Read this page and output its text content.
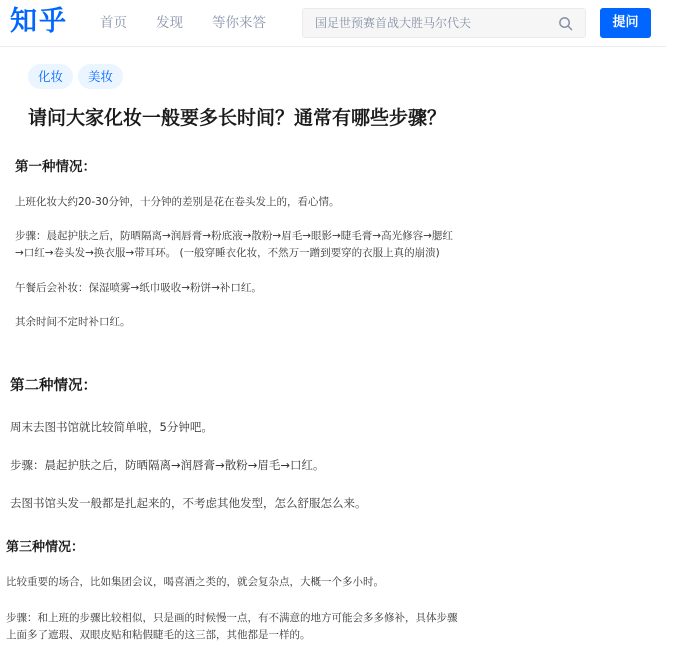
知乎 首页 发现 等你来答
国足世预赛首战大胜马尔代夫	提问
化妆	美妆
请问大家化妆一般要多长时间？通常有哪些步骤？
第一种情况：
上班化妆大约20-30分钟，十分钟的差别是花在卷头发上的，看心情。
步骤：晨起护肤之后，防晒隔离→润唇膏→粉底液→散粉→眉毛→眼影→睫毛膏→高光修容→腮红
→口红→卷头发→换衣服→带耳环。 (一般穿睡衣化妆，不然万一蹭到要穿的衣服上真的崩溃)
午餐后会补妆：保湿喷雾→纸巾吸收→粉饼→补口红。
其余时间不定时补口红。
第二种情况：
周末去图书馆就比较简单啦，5分钟吧。
步骤：晨起护肤之后，防晒隔离→润唇膏→散粉→眉毛→口红。
去图书馆头发一般都是扎起来的，不考虑其他发型，怎么舒服怎么来。
第三种情况：
比较重要的场合，比如集团会议，喝喜酒之类的，就会复杂点，大概一个多小时。
步骤：和上班的步骤比较相似，只是画的时候慢一点，有不满意的地方可能会多多修补，具体步骤
上面多了遮瑕、双眼皮贴和粘假睫毛的这三部，其他都是一样的。
